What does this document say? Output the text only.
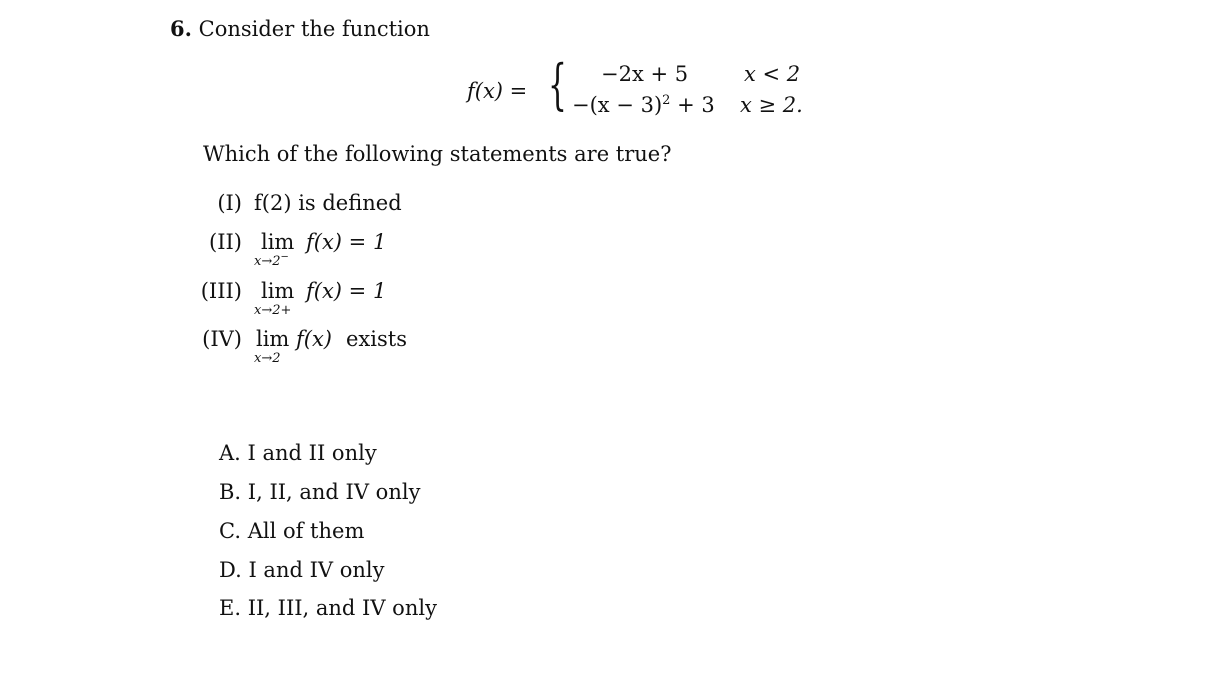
6. Consider the function
f(x) = { −2x + 5	x < 2
$-(x - 3)^2 + 3$ x ≥ 2.
Which of the following statements are true?
(I) f(2) is defined
(II) lim
x→2−
f(x) = 1
(III) lim
x→2+
f(x) = 1
(IV) lim
x→2
f(x) exists
A. I and II only
B. I, II, and IV only
C. All of them
D. I and IV only
E. II, III, and IV only
